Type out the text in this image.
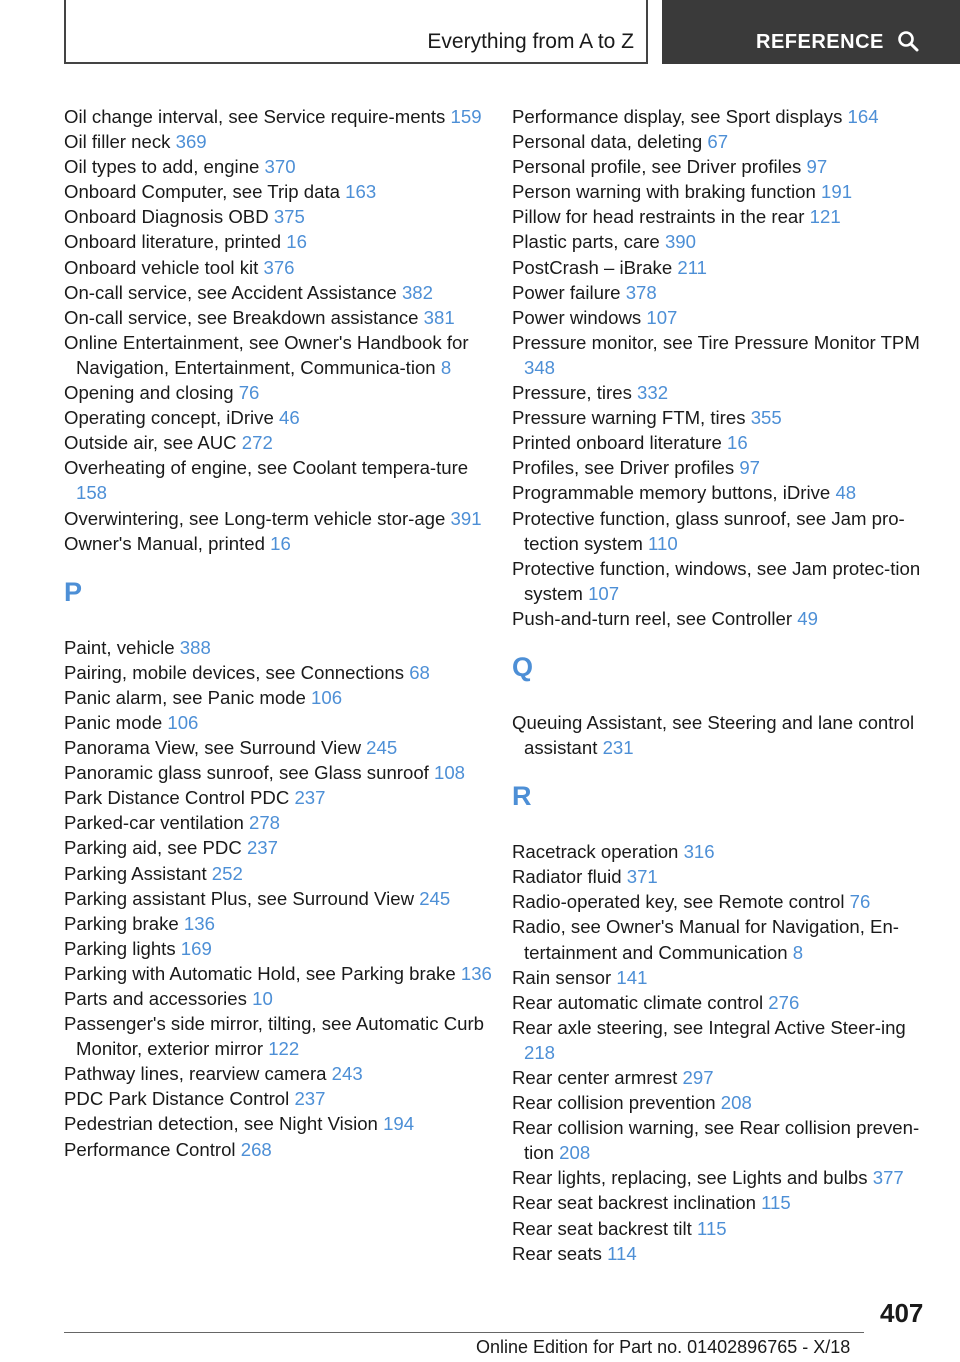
Everything from A to Z	REFERENCE
Oil change interval, see Service require‐ments 159
Oil filler neck 369
Oil types to add, engine 370
Onboard Computer, see Trip data 163
Onboard Diagnosis OBD 375
Onboard literature, printed 16
Onboard vehicle tool kit 376
On-call service, see Accident Assistance 382
On-call service, see Breakdown assistance 381
Online Entertainment, see Owner's Handbook for Navigation, Entertainment, Communica‐tion 8
Opening and closing 76
Operating concept, iDrive 46
Outside air, see AUC 272
Overheating of engine, see Coolant tempera‐ture 158
Overwintering, see Long-term vehicle stor‐age 391
Owner's Manual, printed 16
P
Paint, vehicle 388
Pairing, mobile devices, see Connections 68
Panic alarm, see Panic mode 106
Panic mode 106
Panorama View, see Surround View 245
Panoramic glass sunroof, see Glass sunroof 108
Park Distance Control PDC 237
Parked-car ventilation 278
Parking aid, see PDC 237
Parking Assistant 252
Parking assistant Plus, see Surround View 245
Parking brake 136
Parking lights 169
Parking with Automatic Hold, see Parking brake 136
Parts and accessories 10
Passenger's side mirror, tilting, see Automatic Curb Monitor, exterior mirror 122
Pathway lines, rearview camera 243
PDC Park Distance Control 237
Pedestrian detection, see Night Vision 194
Performance Control 268
Performance display, see Sport displays 164
Personal data, deleting 67
Personal profile, see Driver profiles 97
Person warning with braking function 191
Pillow for head restraints in the rear 121
Plastic parts, care 390
PostCrash – iBrake 211
Power failure 378
Power windows 107
Pressure monitor, see Tire Pressure Monitor TPM 348
Pressure, tires 332
Pressure warning FTM, tires 355
Printed onboard literature 16
Profiles, see Driver profiles 97
Programmable memory buttons, iDrive 48
Protective function, glass sunroof, see Jam pro‐tection system 110
Protective function, windows, see Jam protec‐tion system 107
Push-and-turn reel, see Controller 49
Q
Queuing Assistant, see Steering and lane control assistant 231
R
Racetrack operation 316
Radiator fluid 371
Radio-operated key, see Remote control 76
Radio, see Owner's Manual for Navigation, En‐tertainment and Communication 8
Rain sensor 141
Rear automatic climate control 276
Rear axle steering, see Integral Active Steer‐ing 218
Rear center armrest 297
Rear collision prevention 208
Rear collision warning, see Rear collision preven‐tion 208
Rear lights, replacing, see Lights and bulbs 377
Rear seat backrest inclination 115
Rear seat backrest tilt 115
Rear seats 114
407
Online Edition for Part no. 01402896765 - X/18
